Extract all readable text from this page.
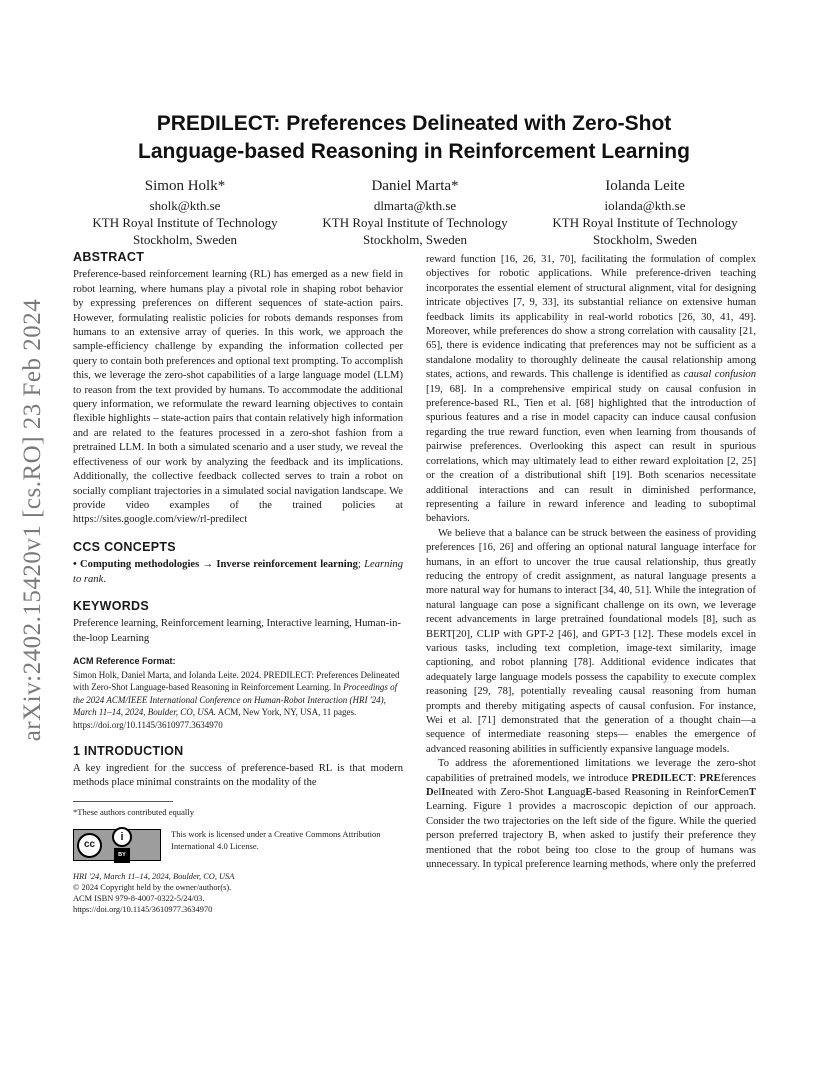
arXiv:2402.15420v1 [cs.RO] 23 Feb 2024
PREDILECT: Preferences Delineated with Zero-Shot
Language-based Reasoning in Reinforcement Learning
Simon Holk*
sholk@kth.se
KTH Royal Institute of Technology
Stockholm, Sweden
Daniel Marta*
dlmarta@kth.se
KTH Royal Institute of Technology
Stockholm, Sweden
Iolanda Leite
iolanda@kth.se
KTH Royal Institute of Technology
Stockholm, Sweden
ABSTRACT

Preference-based reinforcement learning (RL) has emerged as a new field in robot learning, where humans play a pivotal role in shaping robot behavior by expressing preferences on different sequences of state-action pairs. However, formulating realistic policies for robots demands responses from humans to an extensive array of queries. In this work, we approach the sample-efficiency challenge by expanding the information collected per query to contain both preferences and optional text prompting. To accomplish this, we leverage the zero-shot capabilities of a large language model (LLM) to reason from the text provided by humans. To accommodate the additional query information, we reformulate the reward learning objectives to contain flexible highlights – state-action pairs that contain relatively high information and are related to the features processed in a zero-shot fashion from a pretrained LLM. In both a simulated scenario and a user study, we reveal the effectiveness of our work by analyzing the feedback and its implications. Additionally, the collective feedback collected serves to train a robot on socially compliant trajectories in a simulated social navigation landscape. We provide video examples of the trained policies at https://sites.google.com/view/rl-predilect

CCS CONCEPTS

• Computing methodologies → Inverse reinforcement learning; Learning to rank.

KEYWORDS

Preference learning, Reinforcement learning, Interactive learning, Human-in-the-loop Learning

ACM Reference Format:

Simon Holk, Daniel Marta, and Iolanda Leite. 2024. PREDILECT: Preferences Delineated with Zero-Shot Language-based Reasoning in Reinforcement Learning. In Proceedings of the 2024 ACM/IEEE International Conference on Human-Robot Interaction (HRI '24), March 11–14, 2024, Boulder, CO, USA. ACM, New York, NY, USA, 11 pages. https://doi.org/10.1145/3610977.3634970

1 INTRODUCTION

A key ingredient for the success of preference-based RL is that modern methods place minimal constraints on the modality of the

*These authors contributed equally
cc
i
BY
This work is licensed under a Creative Commons Attribution International 4.0 License.
HRI '24, March 11–14, 2024, Boulder, CO, USA
© 2024 Copyright held by the owner/author(s).
ACM ISBN 979-8-4007-0322-5/24/03.
https://doi.org/10.1145/3610977.3634970

reward function [16, 26, 31, 70], facilitating the formulation of complex objectives for robotic applications. While preference-driven teaching incorporates the essential element of structural alignment, vital for designing intricate objectives [7, 9, 33], its substantial reliance on extensive human feedback limits its applicability in real-world robotics [26, 30, 41, 49]. Moreover, while preferences do show a strong correlation with causality [21, 65], there is evidence indicating that preferences may not be sufficient as a standalone modality to thoroughly delineate the causal relationship among states, actions, and rewards. This challenge is identified as causal confusion [19, 68]. In a comprehensive empirical study on causal confusion in preference-based RL, Tien et al. [68] highlighted that the introduction of spurious features and a rise in model capacity can induce causal confusion regarding the true reward function, even when learning from thousands of pairwise preferences. Overlooking this aspect can result in spurious correlations, which may ultimately lead to either reward exploitation [2, 25] or the creation of a distributional shift [19]. Both scenarios necessitate additional interactions and can result in diminished performance, representing a failure in reward inference and leading to suboptimal behaviors.

We believe that a balance can be struck between the easiness of providing preferences [16, 26] and offering an optional natural language interface for humans, in an effort to uncover the true causal relationship, thus greatly reducing the entropy of credit assignment, as natural language presents a more natural way for humans to interact [34, 40, 51]. While the integration of natural language can pose a significant challenge on its own, we leverage recent advancements in large pretrained foundational models [8], such as BERT[20], CLIP with GPT-2 [46], and GPT-3 [12]. These models excel in various tasks, including text completion, image-text similarity, image captioning, and robot planning [78]. Additional evidence indicates that adequately large language models possess the capability to execute complex reasoning [29, 78], potentially revealing causal reasoning from human prompts and thereby mitigating aspects of causal confusion. For instance, Wei et al. [71] demonstrated that the generation of a thought chain—a sequence of intermediate reasoning steps— enables the emergence of advanced reasoning abilities in sufficiently expansive language models.

To address the aforementioned limitations we leverage the zero-shot capabilities of pretrained models, we introduce PREDILECT: PREferences DelIneated with Zero-Shot LanguagE-based Reasoning in ReinforCemenT Learning. Figure 1 provides a macroscopic depiction of our approach. Consider the two trajectories on the left side of the figure. While the queried person preferred trajectory B, when asked to justify their preference they mentioned that the robot being too close to the group of humans was unnecessary. In typical preference learning methods, where only the preferred
